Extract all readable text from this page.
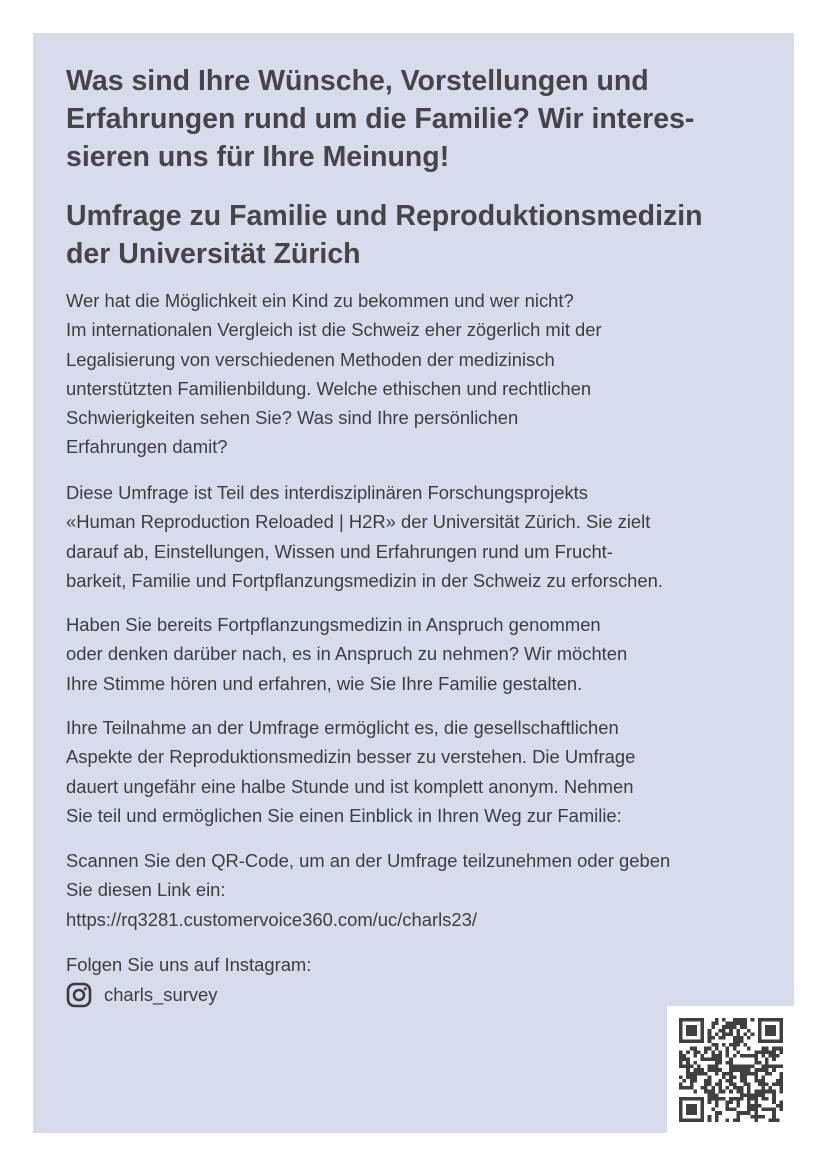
Was sind Ihre Wünsche, Vorstellungen und
Erfahrungen rund um die Familie? Wir interes-
sieren uns für Ihre Meinung!
Umfrage zu Familie und Reproduktionsmedizin
der Universität Zürich
Wer hat die Möglichkeit ein Kind zu bekommen und wer nicht?
Im internationalen Vergleich ist die Schweiz eher zögerlich mit der
Legalisierung von verschiedenen Methoden der medizinisch
unterstützten Familienbildung. Welche ethischen und rechtlichen
Schwierigkeiten sehen Sie? Was sind Ihre persönlichen
Erfahrungen damit?
Diese Umfrage ist Teil des interdisziplinären Forschungsprojekts
«Human Reproduction Reloaded | H2R» der Universität Zürich. Sie zielt
darauf ab, Einstellungen, Wissen und Erfahrungen rund um Frucht-
barkeit, Familie und Fortpflanzungsmedizin in der Schweiz zu erforschen.
Haben Sie bereits Fortpflanzungsmedizin in Anspruch genommen
oder denken darüber nach, es in Anspruch zu nehmen? Wir möchten
Ihre Stimme hören und erfahren, wie Sie Ihre Familie gestalten.
Ihre Teilnahme an der Umfrage ermöglicht es, die gesellschaftlichen
Aspekte der Reproduktionsmedizin besser zu verstehen. Die Umfrage
dauert ungefähr eine halbe Stunde und ist komplett anonym. Nehmen
Sie teil und ermöglichen Sie einen Einblick in Ihren Weg zur Familie:
Scannen Sie den QR-Code, um an der Umfrage teilzunehmen oder geben
Sie diesen Link ein:
https://rq3281.customervoice360.com/uc/charls23/
Folgen Sie uns auf Instagram:
charls_survey
